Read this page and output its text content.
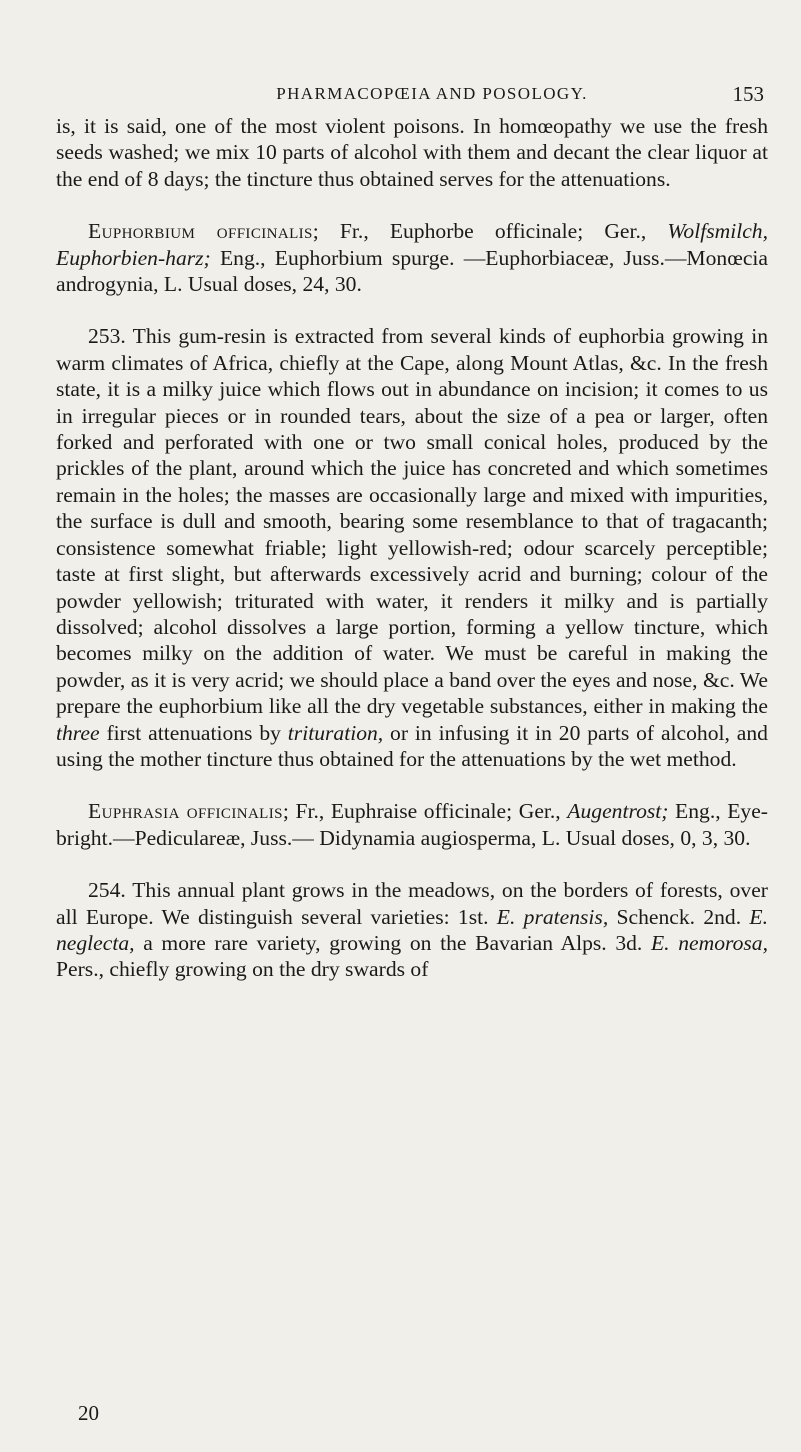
PHARMACOPŒIA AND POSOLOGY.	153

is, it is said, one of the most violent poisons. In homœopathy we use the fresh seeds washed; we mix 10 parts of alcohol with them and decant the clear liquor at the end of 8 days; the tincture thus obtained serves for the attenuations.

Euphorbium officinalis; Fr., Euphorbe officinale; Ger., Wolfsmilch, Euphorbien-harz; Eng., Euphorbium spurge. —Euphorbiaceæ, Juss.—Monœcia androgynia, L. Usual doses, 24, 30.

253. This gum-resin is extracted from several kinds of euphorbia growing in warm climates of Africa, chiefly at the Cape, along Mount Atlas, &c. In the fresh state, it is a milky juice which flows out in abundance on incision; it comes to us in irregular pieces or in rounded tears, about the size of a pea or larger, often forked and perforated with one or two small conical holes, produced by the prickles of the plant, around which the juice has concreted and which sometimes remain in the holes; the masses are occasionally large and mixed with impurities, the surface is dull and smooth, bearing some resemblance to that of tragacanth; consistence somewhat friable; light yellowish-red; odour scarcely perceptible; taste at first slight, but afterwards excessively acrid and burning; colour of the powder yellowish; triturated with water, it renders it milky and is partially dissolved; alcohol dissolves a large portion, forming a yellow tincture, which becomes milky on the addition of water. We must be careful in making the powder, as it is very acrid; we should place a band over the eyes and nose, &c. We prepare the euphorbium like all the dry vegetable substances, either in making the three first attenuations by trituration, or in infusing it in 20 parts of alcohol, and using the mother tincture thus obtained for the attenuations by the wet method.

Euphrasia officinalis; Fr., Euphraise officinale; Ger., Augentrost; Eng., Eye-bright.—Pediculareæ, Juss.— Didynamia augiosperma, L. Usual doses, 0, 3, 30.

254. This annual plant grows in the meadows, on the borders of forests, over all Europe. We distinguish several varieties: 1st. E. pratensis, Schenck. 2nd. E. neglecta, a more rare variety, growing on the Bavarian Alps. 3d. E. nemorosa, Pers., chiefly growing on the dry swards of

20
